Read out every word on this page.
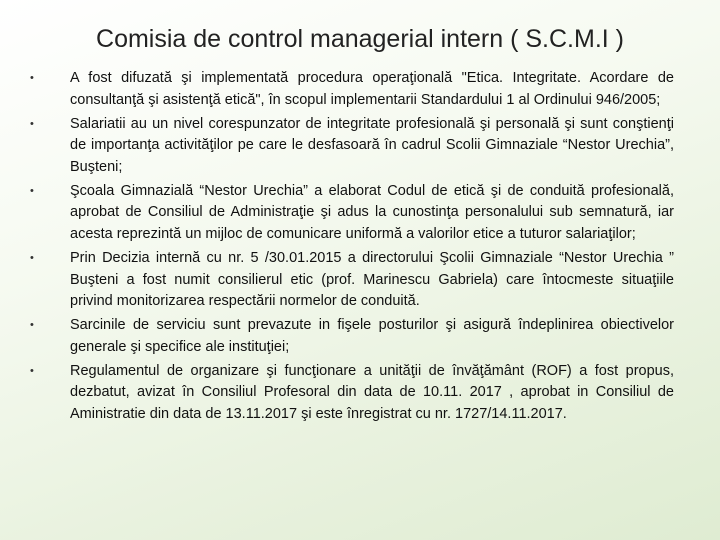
Comisia de control managerial intern ( S.C.M.I )
•	A fost difuzată şi implementată procedura operaţională "Etica. Integritate. Acordare de consultanţă şi asistenţă etică", în scopul implementarii Standardului 1 al Ordinului 946/2005;
•	Salariatii au un nivel corespunzator de integritate profesională şi personală şi sunt conştienţi de importanţa activităţilor pe care le desfasoară în cadrul Scolii Gimnaziale “Nestor Urechia”, Buşteni;
•	Şcoala Gimnazială “Nestor Urechia” a elaborat Codul de etică şi de conduită profesională, aprobat de Consiliul de Administraţie şi adus la cunostinţa personalului sub semnatură, iar acesta reprezintă un mijloc de comunicare uniformă a valorilor etice a tuturor salariaţilor;
•	Prin Decizia internă cu nr. 5 /30.01.2015 a directorului Şcolii Gimnaziale “Nestor Urechia ” Buşteni a fost numit consilierul etic (prof. Marinescu Gabriela) care întocmeste situaţiile privind monitorizarea respectării normelor de conduită.
•	Sarcinile de serviciu sunt prevazute in fişele posturilor şi asigură îndeplinirea obiectivelor generale şi specifice ale instituţiei;
•	Regulamentul de organizare şi funcţionare a unităţii de învăţământ (ROF) a fost propus, dezbatut, avizat în Consiliul Profesoral din data de 10.11. 2017 , aprobat in Consiliul de Aministratie din data de 13.11.2017 şi este înregistrat cu nr. 1727/14.11.2017.
